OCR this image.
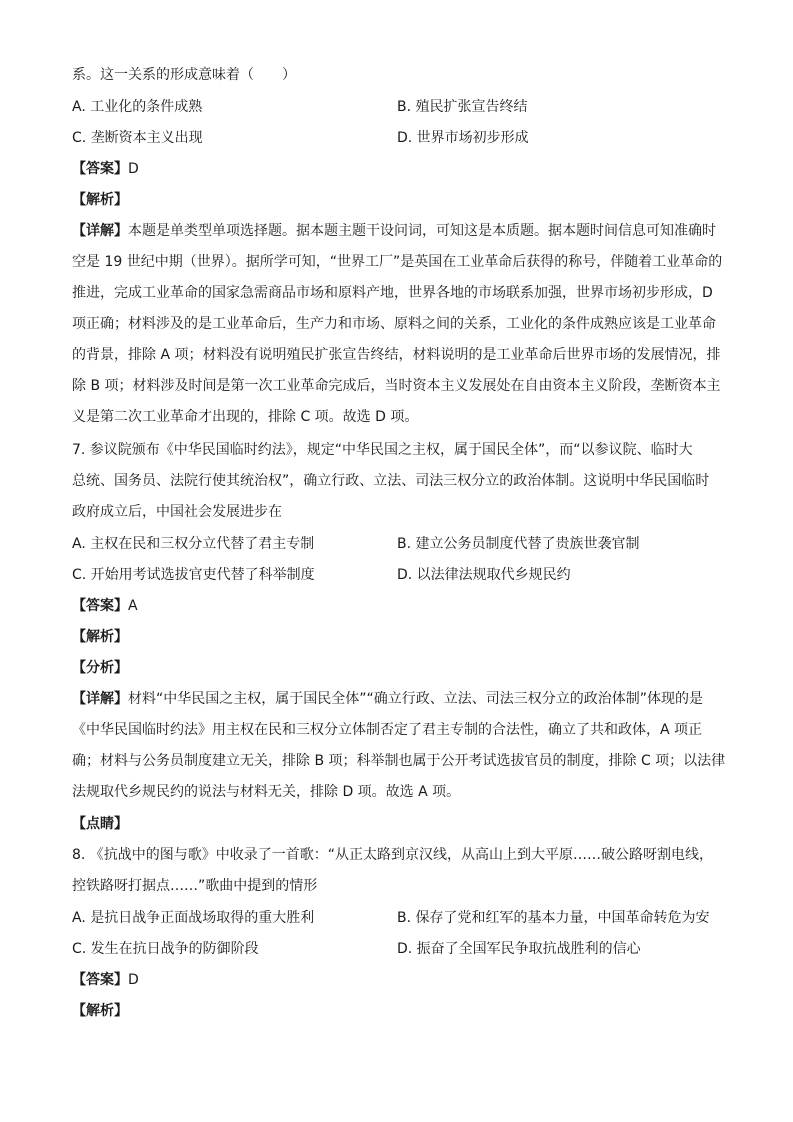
系。这一关系的形成意味着（　　）
A. 工业化的条件成熟	B. 殖民扩张宣告终结
C. 垄断资本主义出现	D. 世界市场初步形成
【答案】D
【解析】
【详解】本题是单类型单项选择题。据本题主题干设问词，可知这是本质题。据本题时间信息可知准确时
空是 19 世纪中期（世界）。据所学可知，“世界工厂”是英国在工业革命后获得的称号，伴随着工业革命的
推进，完成工业革命的国家急需商品市场和原料产地，世界各地的市场联系加强，世界市场初步形成，D
项正确；材料涉及的是工业革命后，生产力和市场、原料之间的关系，工业化的条件成熟应该是工业革命
的背景，排除 A 项；材料没有说明殖民扩张宣告终结，材料说明的是工业革命后世界市场的发展情况，排
除 B 项；材料涉及时间是第一次工业革命完成后，当时资本主义发展处在自由资本主义阶段，垄断资本主
义是第二次工业革命才出现的，排除 C 项。故选 D 项。
7. 参议院颁布《中华民国临时约法》，规定“中华民国之主权，属于国民全体”，而“以参议院、临时大
总统、国务员、法院行使其统治权”，确立行政、立法、司法三权分立的政治体制。这说明中华民国临时
政府成立后，中国社会发展进步在
A. 主权在民和三权分立代替了君主专制	B. 建立公务员制度代替了贵族世袭官制
C. 开始用考试选拔官吏代替了科举制度	D. 以法律法规取代乡规民约
【答案】A
【解析】
【分析】
【详解】材料“中华民国之主权，属于国民全体”“确立行政、立法、司法三权分立的政治体制”体现的是
《中华民国临时约法》用主权在民和三权分立体制否定了君主专制的合法性，确立了共和政体，A 项正
确；材料与公务员制度建立无关，排除 B 项；科举制也属于公开考试选拔官员的制度，排除 C 项；以法律
法规取代乡规民约的说法与材料无关，排除 D 项。故选 A 项。
【点睛】
8. 《抗战中的图与歌》中收录了一首歌：“从正太路到京汉线，从高山上到大平原……破公路呀割电线，
控铁路呀打据点……”歌曲中提到的情形
A. 是抗日战争正面战场取得的重大胜利	B. 保存了党和红军的基本力量，中国革命转危为安
C. 发生在抗日战争的防御阶段	D. 振奋了全国军民争取抗战胜利的信心
【答案】D
【解析】
